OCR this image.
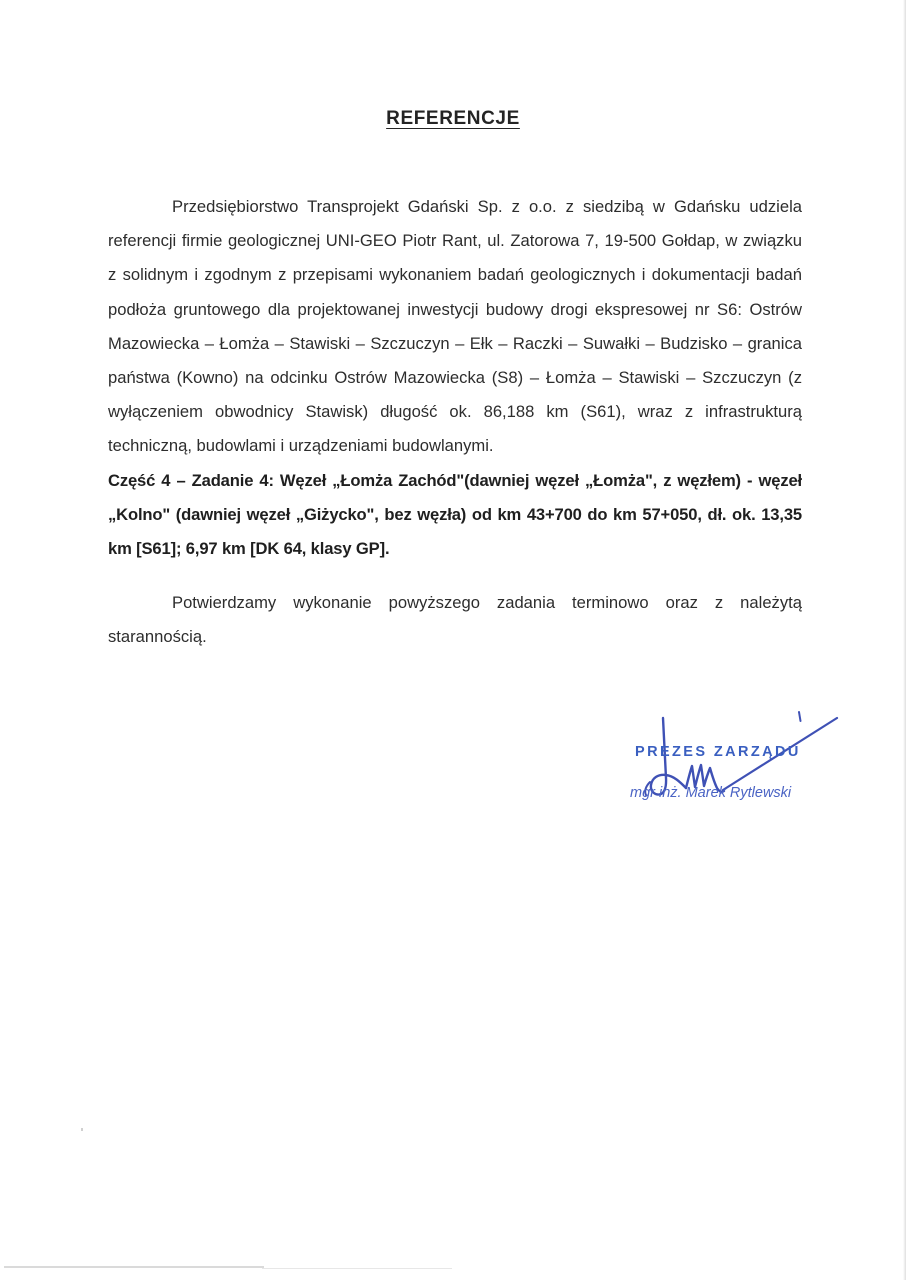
REFERENCJE

Przedsiębiorstwo Transprojekt Gdański Sp. z o.o. z siedzibą w Gdańsku udziela referencji firmie geologicznej UNI-GEO Piotr Rant, ul. Zatorowa 7, 19-500 Gołdap, w związku z solidnym i zgodnym z przepisami wykonaniem badań geologicznych i dokumentacji badań podłoża gruntowego dla projektowanej inwestycji budowy drogi ekspresowej nr S6: Ostrów Mazowiecka – Łomża – Stawiski – Szczuczyn – Ełk – Raczki – Suwałki – Budzisko – granica państwa (Kowno) na odcinku Ostrów Mazowiecka (S8) – Łomża – Stawiski – Szczuczyn (z wyłączeniem obwodnicy Stawisk) długość ok. 86,188 km (S61), wraz z infrastrukturą techniczną, budowlami i urządzeniami budowlanymi.

Część 4 – Zadanie 4: Węzeł „Łomża Zachód"(dawniej węzeł „Łomża", z węzłem) - węzeł „Kolno" (dawniej węzeł „Giżycko", bez węzła) od km 43+700 do km 57+050, dł. ok. 13,35 km [S61]; 6,97 km [DK 64, klasy GP].

Potwierdzamy wykonanie powyższego zadania terminowo oraz z należytą starannością.

PREZES ZARZĄDU
mgr inż. Marek Rytlewski
